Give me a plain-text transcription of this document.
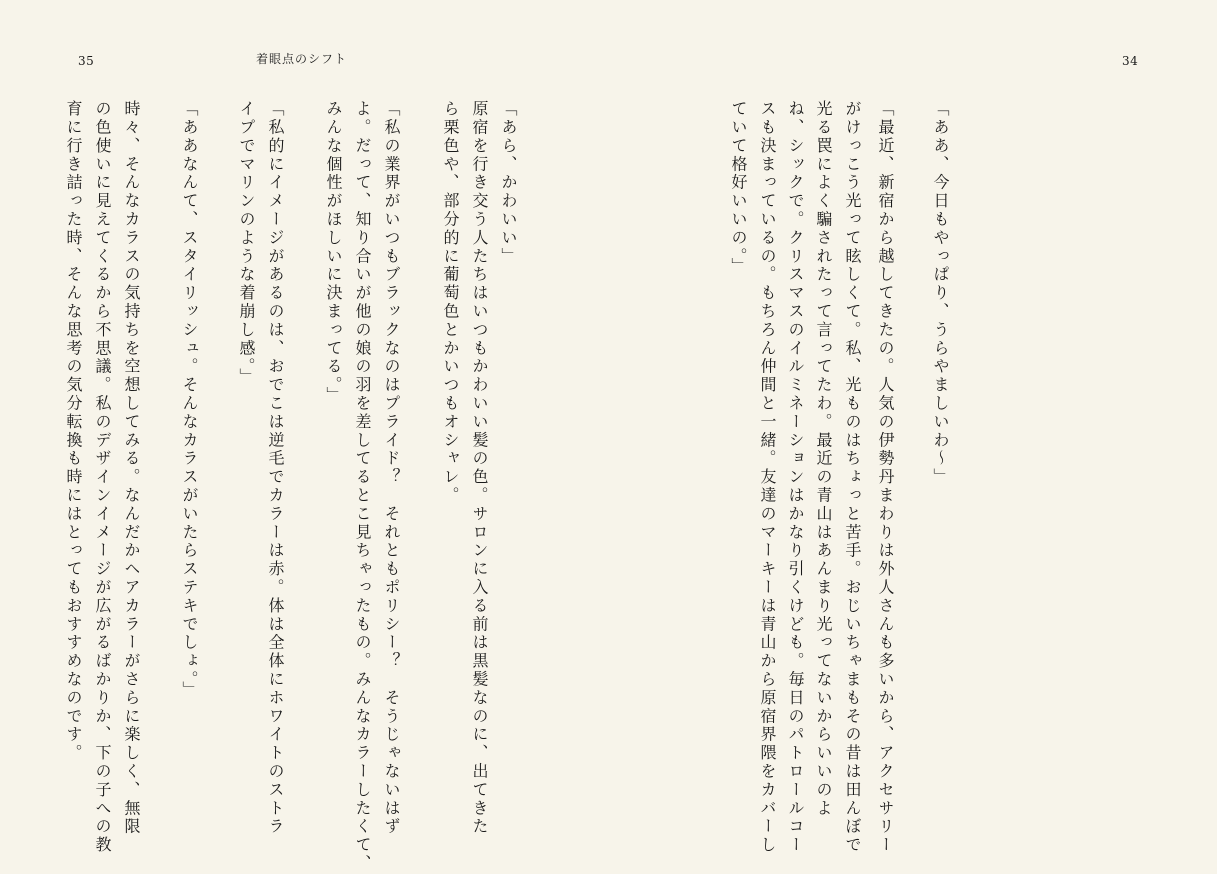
35	着眼点のシフト	34
「ああ、今日もやっぱり、うらやましいわ～」
「最近、新宿から越してきたの。人気の伊勢丹まわりは外人さんも多いから、アクセサリー
がけっこう光って眩しくて。私、光ものはちょっと苦手。おじいちゃまもその昔は田んぼで
光る罠によく騙されたって言ってたわ。最近の青山はあんまり光ってないからいいのよ
ね、シックで。クリスマスのイルミネーションはかなり引くけども。毎日のパトロールコー
スも決まっているの。もちろん仲間と一緒。友達のマーキーは青山から原宿界隈をカバーし
ていて格好いいの。」
「あら、かわいい」
原宿を行き交う人たちはいつもかわいい髪の色。サロンに入る前は黒髪なのに、出てきた
ら栗色や、部分的に葡萄色とかいつもオシャレ。
「私の業界がいつもブラックなのはプライド？　それともポリシー？　そうじゃないはず
よ。だって、知り合いが他の娘の羽を差してるとこ見ちゃったもの。みんなカラーしたくて、
みんな個性がほしいに決まってる。」
「私的にイメージがあるのは、おでこは逆毛でカラーは赤。体は全体にホワイトのストラ
イプでマリンのような着崩し感。」
「ああなんて、スタイリッシュ。そんなカラスがいたらステキでしょ。」
時々、そんなカラスの気持ちを空想してみる。なんだかヘアカラーがさらに楽しく、無限
の色使いに見えてくるから不思議。私のデザインイメージが広がるばかりか、下の子への教
育に行き詰った時、そんな思考の気分転換も時にはとってもおすすめなのです。
